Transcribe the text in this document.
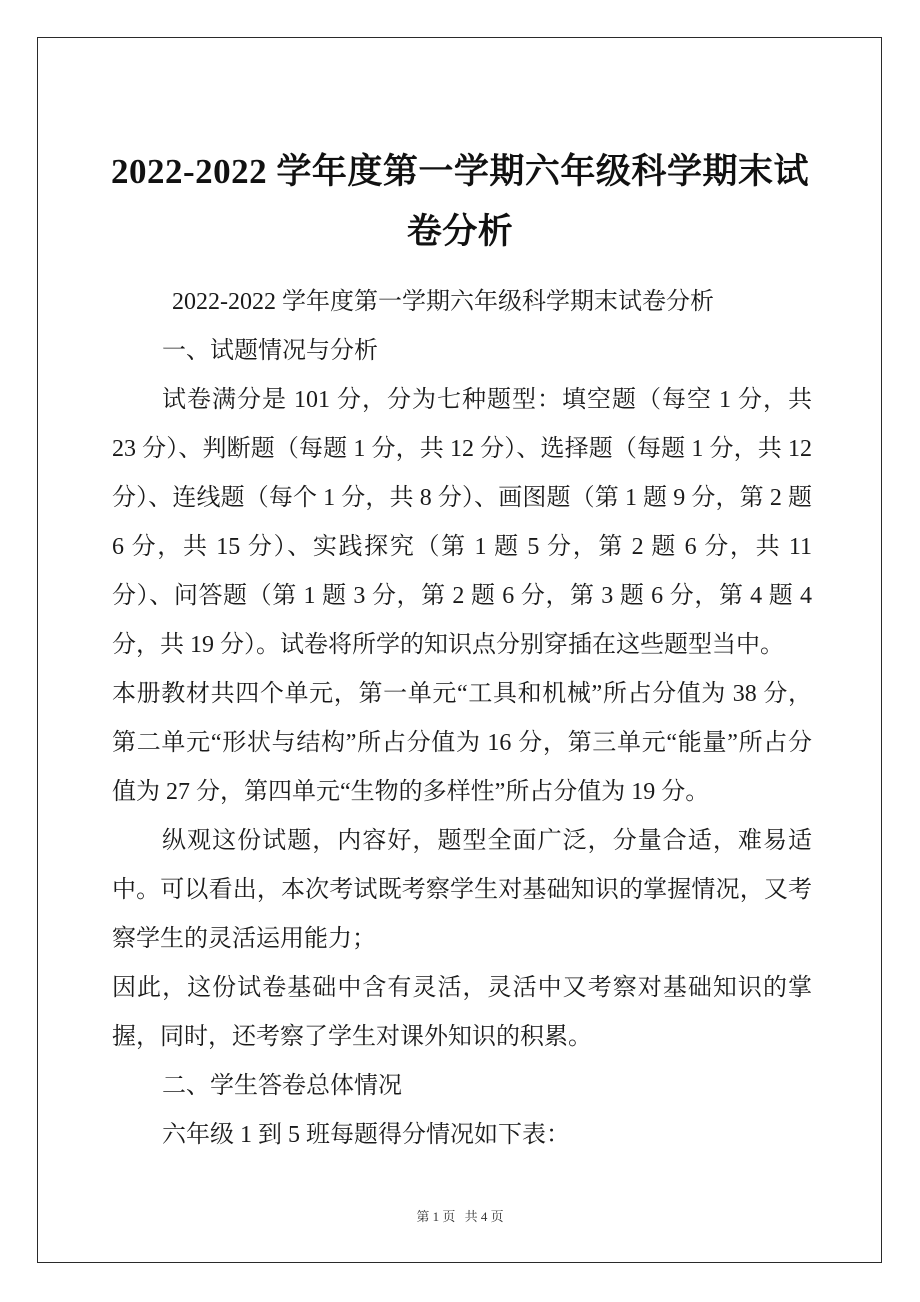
2022-2022 学年度第一学期六年级科学期末试卷分析

2022-2022 学年度第一学期六年级科学期末试卷分析

一、试题情况与分析

试卷满分是 101 分，分为七种题型：填空题（每空 1 分，共 23 分）、判断题（每题 1 分，共 12 分）、选择题（每题 1 分，共 12 分）、连线题（每个 1 分，共 8 分）、画图题（第 1 题 9 分，第 2 题 6 分，共 15 分）、实践探究（第 1 题 5 分，第 2 题 6 分，共 11 分）、问答题（第 1 题 3 分，第 2 题 6 分，第 3 题 6 分，第 4 题 4 分，共 19 分）。试卷将所学的知识点分别穿插在这些题型当中。

本册教材共四个单元，第一单元“工具和机械”所占分值为 38 分，第二单元“形状与结构”所占分值为 16 分，第三单元“能量”所占分值为 27 分，第四单元“生物的多样性”所占分值为 19 分。

纵观这份试题，内容好，题型全面广泛，分量合适，难易适中。可以看出，本次考试既考察学生对基础知识的掌握情况，又考察学生的灵活运用能力；

因此，这份试卷基础中含有灵活，灵活中又考察对基础知识的掌握，同时，还考察了学生对课外知识的积累。

二、学生答卷总体情况

六年级 1 到 5 班每题得分情况如下表：

第 1 页 共 4 页
